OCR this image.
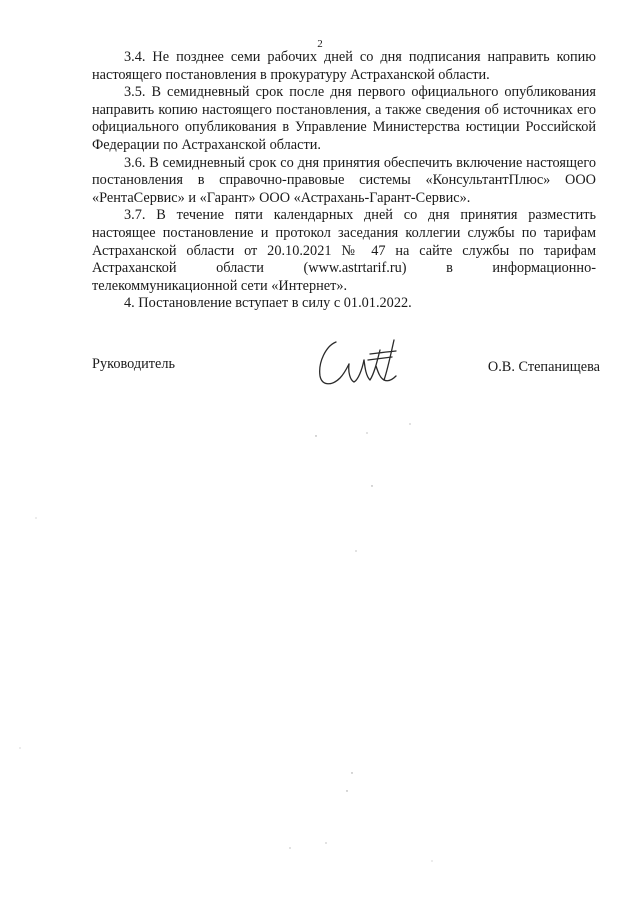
2

3.4. Не позднее семи рабочих дней со дня подписания направить копию настоящего постановления в прокуратуру Астраханской области.

3.5. В семидневный срок после дня первого официального опубликования направить копию настоящего постановления, а также сведения об источниках его официального опубликования в Управление Министерства юстиции Российской Федерации по Астраханской области.

3.6. В семидневный срок со дня принятия обеспечить включение настоящего постановления в справочно-правовые системы «КонсультантПлюс» ООО «РентаСервис» и «Гарант» ООО «Астрахань-Гарант-Сервис».

3.7. В течение пяти календарных дней со дня принятия разместить настоящее постановление и протокол заседания коллегии службы по тарифам Астраханской области от 20.10.2021 № 47 на сайте службы по тарифам Астраханской области (www.astrtarif.ru) в информационно-телекоммуникационной сети «Интернет».

4. Постановление вступает в силу с 01.01.2022.

Руководитель	О.В. Степанищева
